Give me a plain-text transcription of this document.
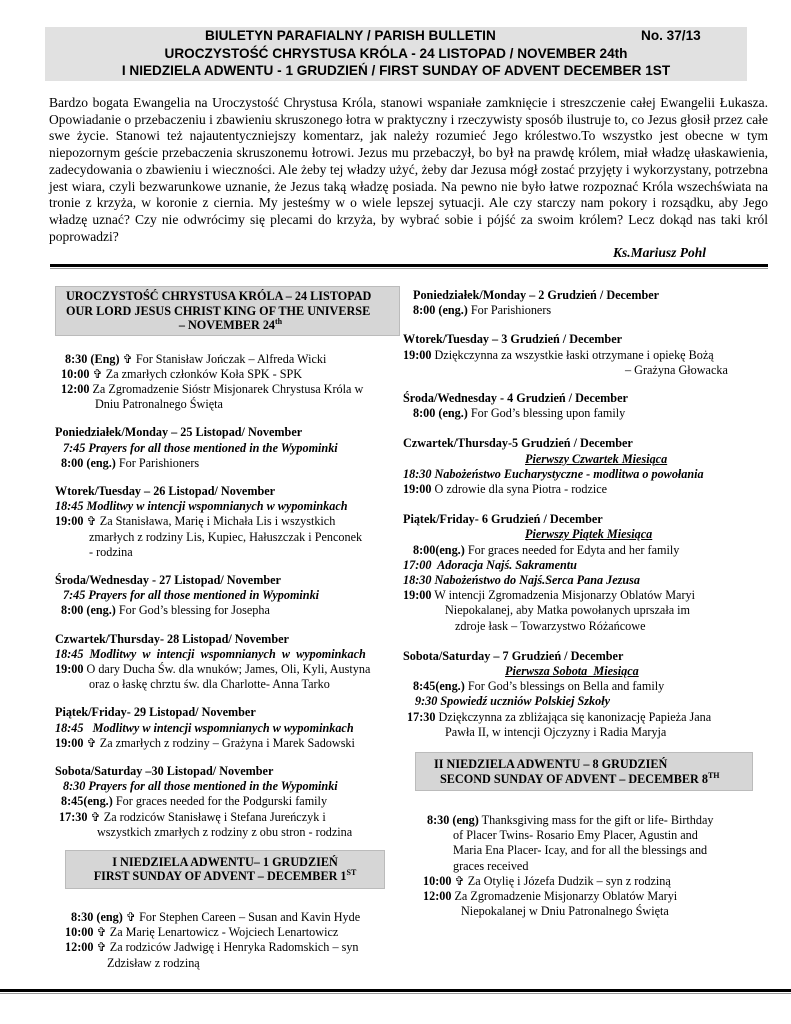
BIULETYN PARAFIALNY / PARISH BULLETIN	No. 37/13
UROCZYSTOŚĆ CHRYSTUSA KRÓLA - 24 LISTOPAD / NOVEMBER 24th
I NIEDZIELA ADWENTU - 1 GRUDZIEŃ / FIRST SUNDAY OF ADVENT DECEMBER 1ST
Bardzo bogata Ewangelia na Uroczystość Chrystusa Króla, stanowi wspaniałe zamknięcie i streszczenie całej Ewangelii Łukasza. Opowiadanie o przebaczeniu i zbawieniu skruszonego łotra w praktyczny i rzeczywisty sposób ilustruje to, co Jezus głosił przez całe swe życie. Stanowi też najautentyczniejszy komentarz, jak należy rozumieć Jego królestwo.To wszystko jest obecne w tym niepozornym geście przebaczenia skruszonemu łotrowi. Jezus mu przebaczył, bo był na prawdę królem, miał władzę ułaskawienia, zadecydowania o zbawieniu i wieczności. Ale żeby tej władzy użyć, żeby dar Jezusa mógł zostać przyjęty i wykorzystany, potrzebna jest wiara, czyli bezwarunkowe uznanie, że Jezus taką władzę posiada. Na pewno nie było łatwe rozpoznać Króla wszechświata na tronie z krzyża, w koronie z ciernia. My jesteśmy w o wiele lepszej sytuacji. Ale czy starczy nam pokory i rozsądku, aby Jego władzę uznać? Czy nie odwrócimy się plecami do krzyża, by wybrać sobie i pójść za swoim królem? Lecz dokąd nas taki król poprowadzi?
Ks.Mariusz Pohl
UROCZYSTOŚĆ CHRYSTUSA KRÓLA – 24 LISTOPAD
OUR LORD JESUS CHRIST KING OF THE UNIVERSE
– NOVEMBER 24th
8:30 (Eng) ✞ For Stanisław Jończak – Alfreda Wicki
10:00 ✞ Za zmarłych członków Koła SPK - SPK
12:00 Za Zgromadzenie Sióstr Misjonarek Chrystusa Króla w
Dniu Patronalnego Święta
Poniedziałek/Monday – 25 Listopad/ November
7:45 Prayers for all those mentioned in the Wypominki
8:00 (eng.) For Parishioners
Wtorek/Tuesday – 26 Listopad/ November
18:45 Modlitwy w intencji wspomnianych w wypominkach
19:00 ✞ Za Stanisława, Marię i Michała Lis i wszystkich
zmarłych z rodziny Lis, Kupiec, Hałuszczak i Penconek
- rodzina
Środa/Wednesday - 27 Listopad/ November
7:45 Prayers for all those mentioned in Wypominki
8:00 (eng.) For God’s blessing for Josepha
Czwartek/Thursday- 28 Listopad/ November
18:45  Modlitwy  w  intencji  wspomnianych  w  wypominkach
19:00 O dary Ducha Św. dla wnuków; James, Oli, Kyli, Austyna
oraz o łaskę chrztu św. dla Charlotte- Anna Tarko
Piątek/Friday- 29 Listopad/ November
18:45   Modlitwy w intencji wspomnianych w wypominkach
19:00 ✞ Za zmarłych z rodziny – Grażyna i Marek Sadowski
Sobota/Saturday –30 Listopad/ November
8:30 Prayers for all those mentioned in the Wypominki
8:45(eng.) For graces needed for the Podgurski family
17:30 ✞ Za rodziców Stanisławę i Stefana Jureńczyk i
wszystkich zmarłych z rodziny z obu stron - rodzina
I NIEDZIELA ADWENTU– 1 GRUDZIEŃ
FIRST SUNDAY OF ADVENT – DECEMBER 1ST
8:30 (eng) ✞ For Stephen Careen – Susan and Kavin Hyde
10:00 ✞ Za Marię Lenartowicz - Wojciech Lenartowicz
12:00 ✞ Za rodziców Jadwigę i Henryka Radomskich – syn
Zdzisław z rodziną
Poniedziałek/Monday – 2 Grudzień / December
8:00 (eng.) For Parishioners
Wtorek/Tuesday – 3 Grudzień / December
19:00 Dziękczynna za wszystkie łaski otrzymane i opiekę Bożą
– Grażyna Głowacka
Środa/Wednesday - 4 Grudzień / December
8:00 (eng.) For God’s blessing upon family
Czwartek/Thursday-5 Grudzień / December
Pierwszy Czwartek Miesiąca
18:30 Nabożeństwo Eucharystyczne - modlitwa o powołania
19:00 O zdrowie dla syna Piotra - rodzice
Piątek/Friday- 6 Grudzień / December
Pierwszy Piątek Miesiąca
8:00(eng.) For graces needed for Edyta and her family
17:00  Adoracja Najś. Sakramentu
18:30 Nabożeństwo do Najś.Serca Pana Jezusa
19:00 W intencji Zgromadzenia Misjonarzy Oblatów Maryi
Niepokalanej, aby Matka powołanych uprszała im
zdroje łask – Towarzystwo Różańcowe
Sobota/Saturday – 7 Grudzień / December
Pierwsza Sobota  Miesiąca
8:45(eng.) For God’s blessings on Bella and family
9:30 Spowiedź uczniów Polskiej Szkoły
17:30 Dziękczynna za zbliżająca się kanonizację Papieża Jana
Pawła II, w intencji Ojczyzny i Radia Maryja
II NIEDZIELA ADWENTU – 8 GRUDZIEŃ
SECOND SUNDAY OF ADVENT – DECEMBER 8TH
8:30 (eng) Thanksgiving mass for the gift or life- Birthday
of Placer Twins- Rosario Emy Placer, Agustin and
Maria Ena Placer- Icay, and for all the blessings and
graces received
10:00 ✞ Za Otylię i Józefa Dudzik – syn z rodziną
12:00 Za Zgromadzenie Misjonarzy Oblatów Maryi
Niepokalanej w Dniu Patronalnego Święta
